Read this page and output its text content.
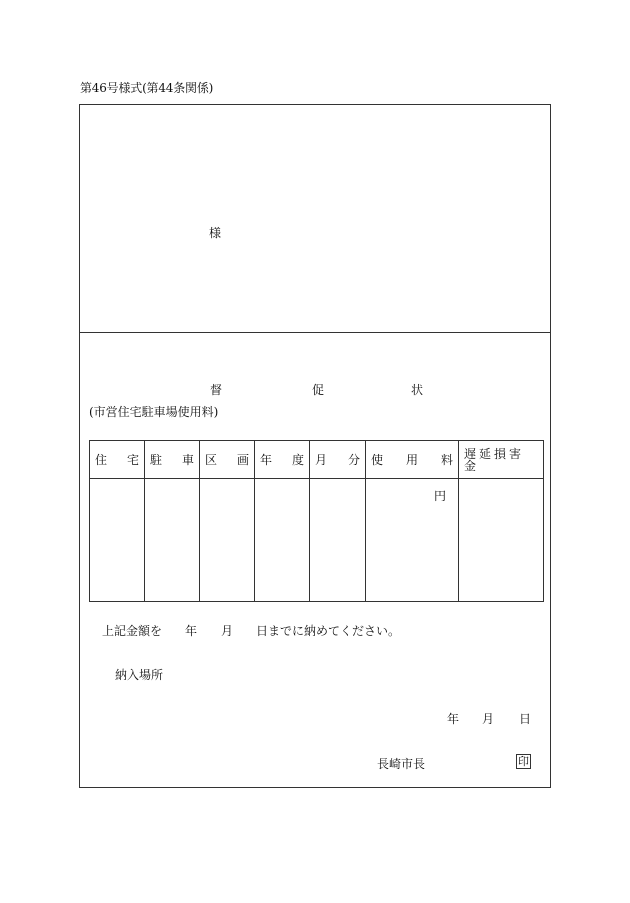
第46号様式(第44条関係)
様
督	促	状
(市営住宅駐車場使用料)
住 宅	駐 車	区 画	年 度	月 分	使 用 料	遅延損害金

					円	

上記金額を 年 月 日までに納めてください。
納入場所
年 月 日
長崎市長	印
